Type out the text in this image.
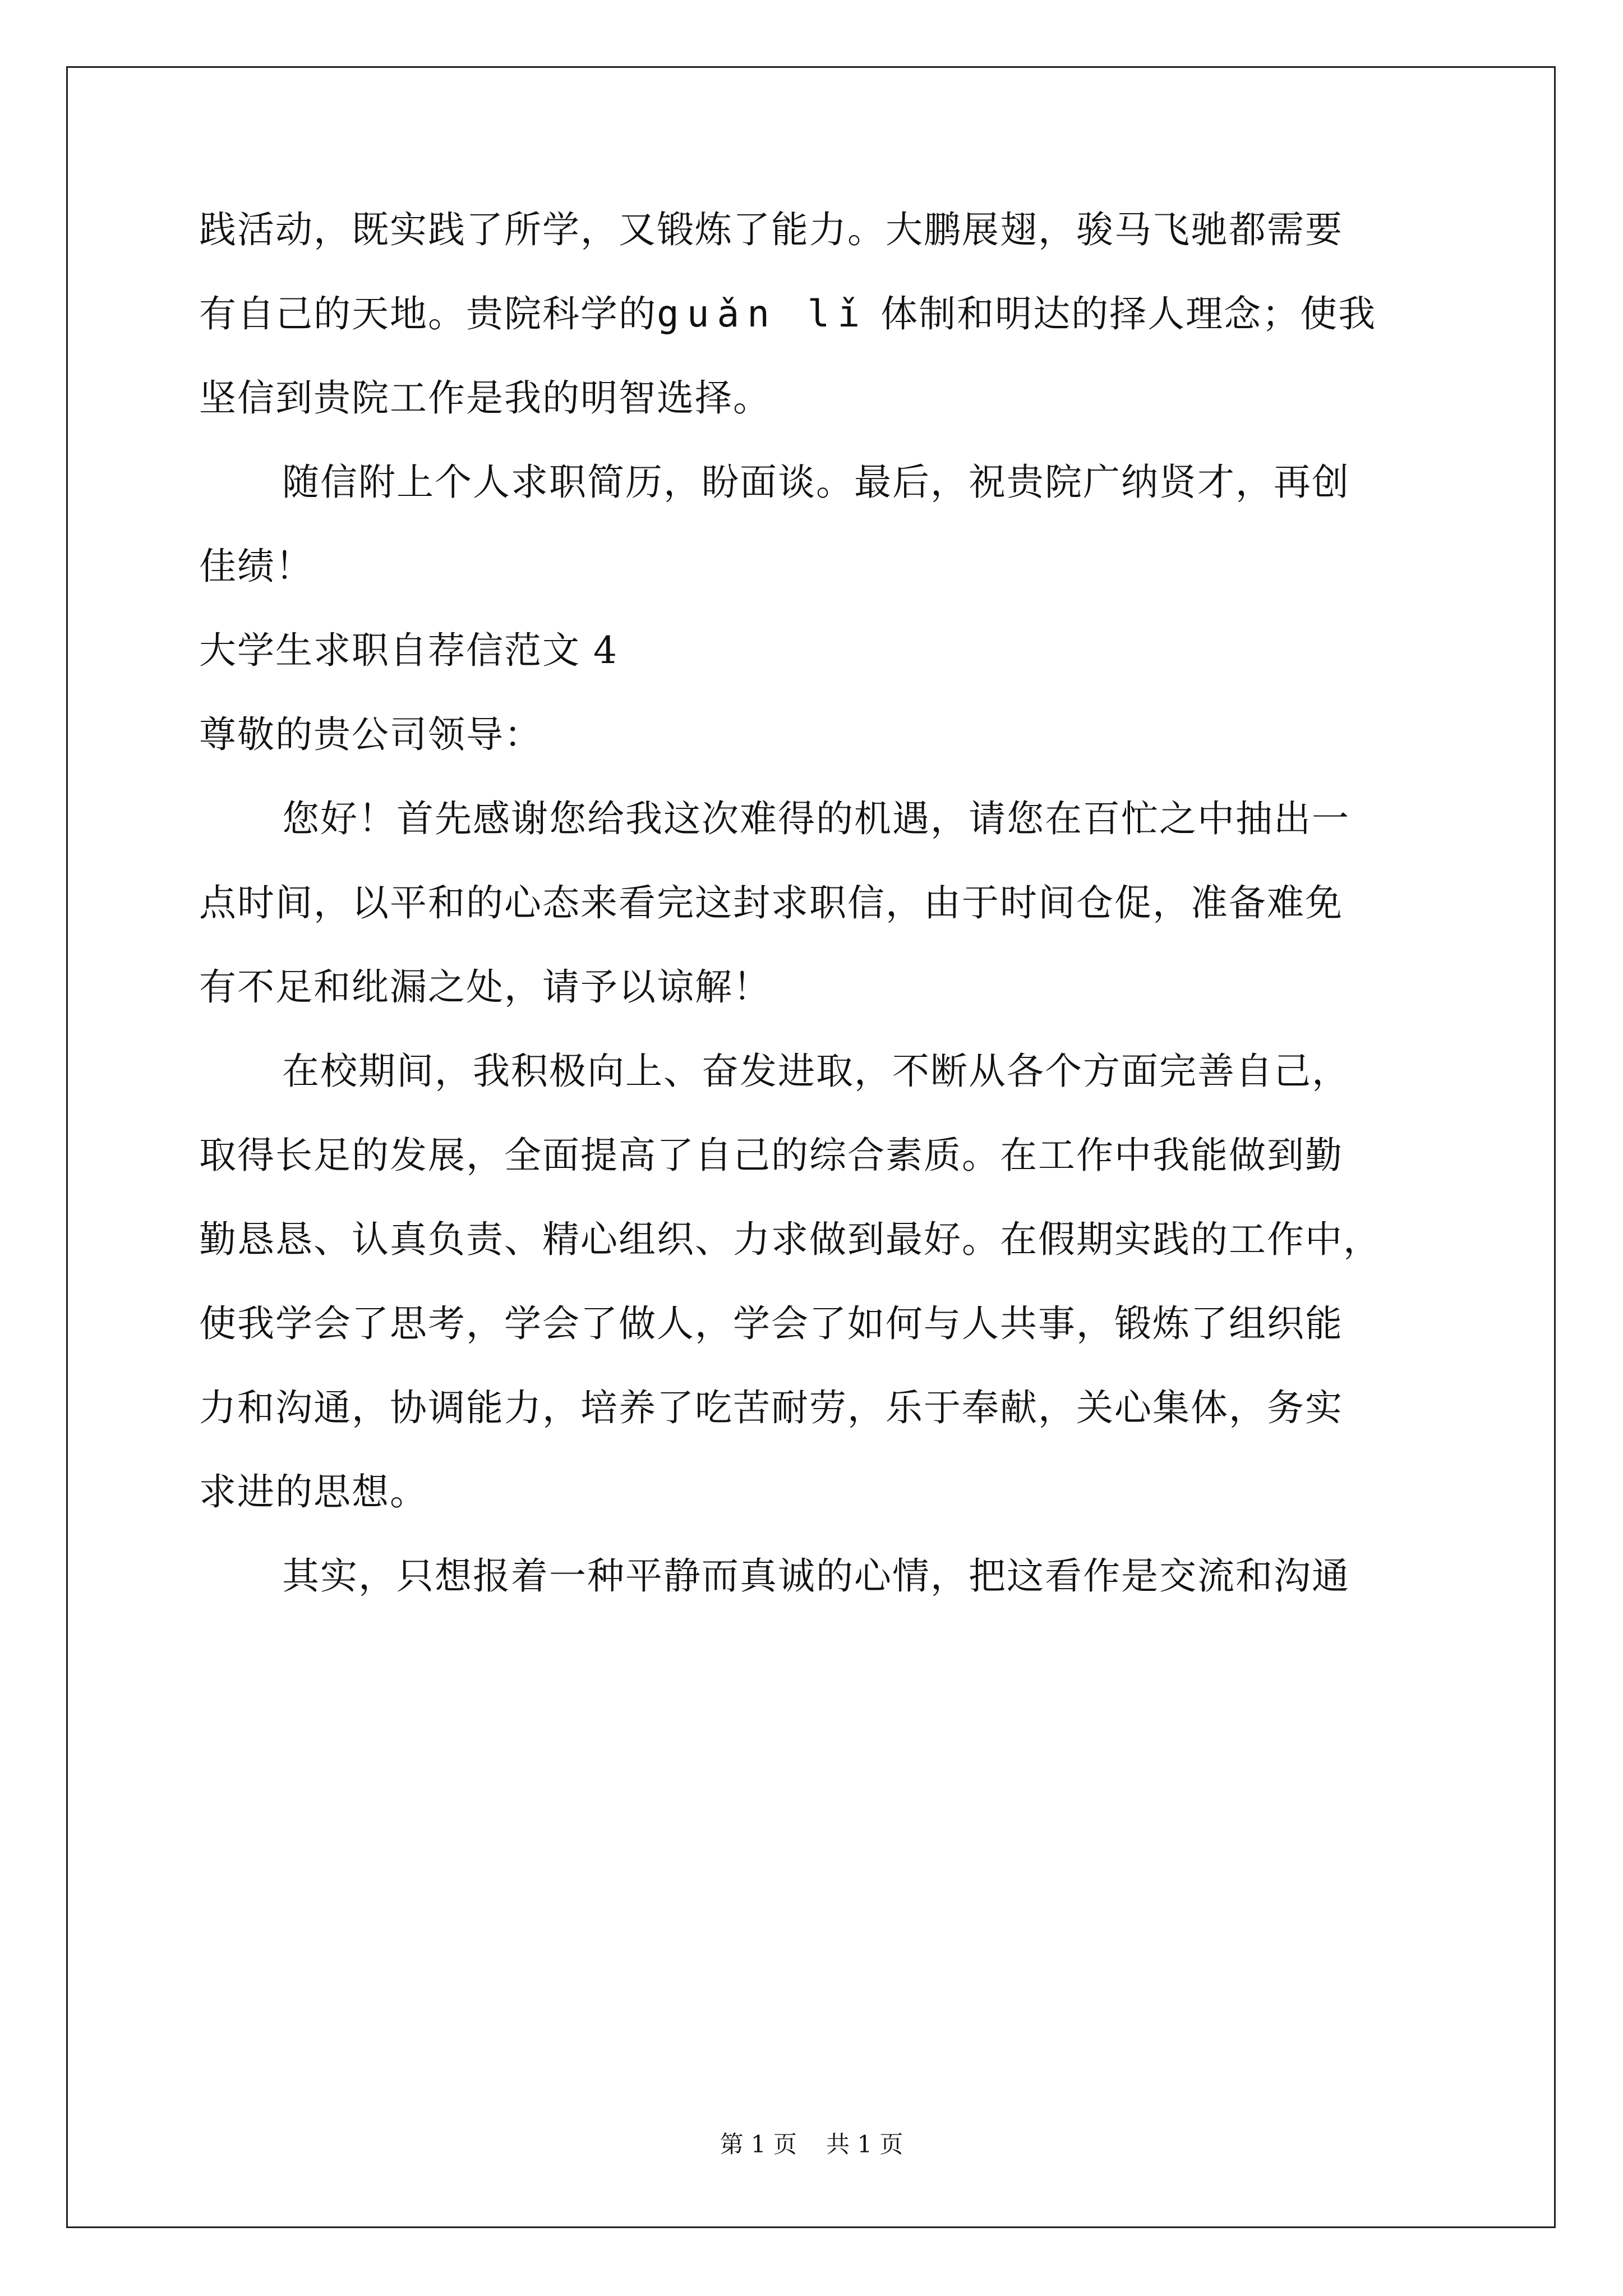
践活动，既实践了所学，又锻炼了能力。大鹏展翅，骏马飞驰都需要
有自己的天地。贵院科学的guǎn lǐ 体制和明达的择人理念；使我
坚信到贵院工作是我的明智选择。
随信附上个人求职简历，盼面谈。最后，祝贵院广纳贤才，再创
佳绩！
大学生求职自荐信范文 4
尊敬的贵公司领导：
您好！首先感谢您给我这次难得的机遇，请您在百忙之中抽出一
点时间，以平和的心态来看完这封求职信，由于时间仓促，准备难免
有不足和纰漏之处，请予以谅解！
在校期间，我积极向上、奋发进取，不断从各个方面完善自己，
取得长足的发展，全面提高了自己的综合素质。在工作中我能做到勤
勤恳恳、认真负责、精心组织、力求做到最好。在假期实践的工作中，
使我学会了思考，学会了做人，学会了如何与人共事，锻炼了组织能
力和沟通，协调能力，培养了吃苦耐劳，乐于奉献，关心集体，务实
求进的思想。
其实，只想报着一种平静而真诚的心情，把这看作是交流和沟通
第 1 页 共 1 页
